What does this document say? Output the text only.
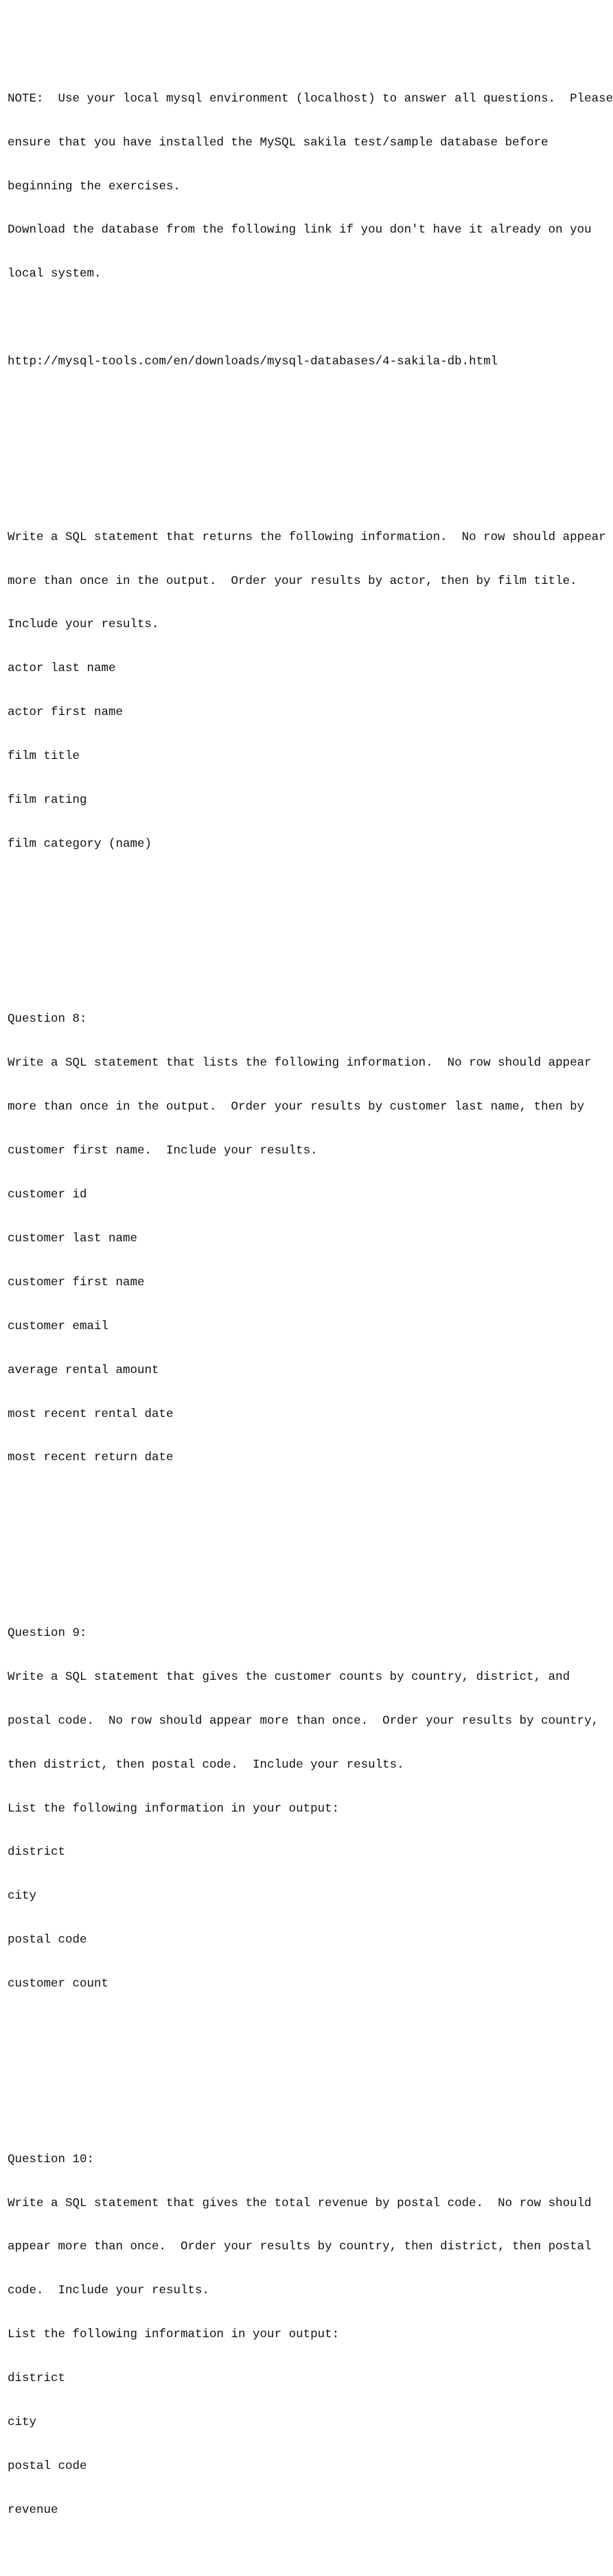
NOTE:  Use your local mysql environment (localhost) to answer all questions.  Please

ensure that you have installed the MySQL sakila test/sample database before

beginning the exercises.

Download the database from the following link if you don't have it already on you

local system.

http://mysql-tools.com/en/downloads/mysql-databases/4-sakila-db.html

Write a SQL statement that returns the following information.  No row should appear

more than once in the output.  Order your results by actor, then by film title.

Include your results.

actor last name

actor first name

film title

film rating

film category (name)

Question 8:

Write a SQL statement that lists the following information.  No row should appear

more than once in the output.  Order your results by customer last name, then by

customer first name.  Include your results.

customer id

customer last name

customer first name

customer email

average rental amount

most recent rental date

most recent return date

Question 9:

Write a SQL statement that gives the customer counts by country, district, and

postal code.  No row should appear more than once.  Order your results by country,

then district, then postal code.  Include your results.

List the following information in your output:

district

city

postal code

customer count

Question 10:

Write a SQL statement that gives the total revenue by postal code.  No row should

appear more than once.  Order your results by country, then district, then postal

code.  Include your results.

List the following information in your output:

district

city

postal code

revenue
